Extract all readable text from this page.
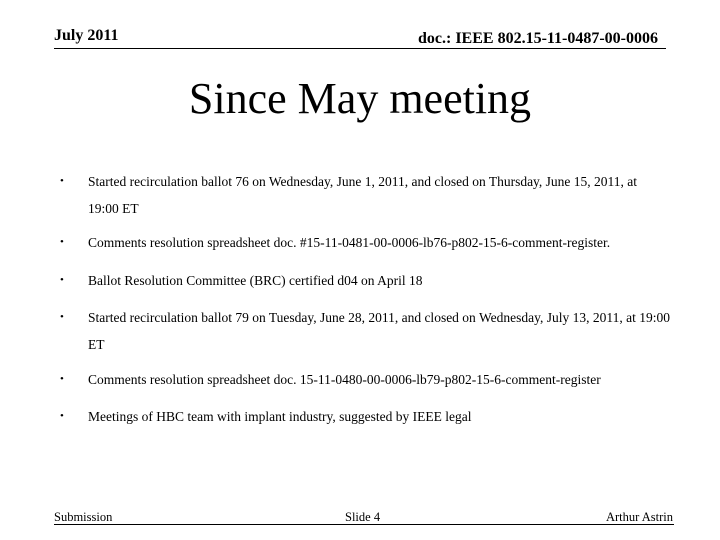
July 2011	doc.: IEEE 802.15-11-0487-00-0006
Since May meeting
• Started recirculation ballot 76 on Wednesday, June 1, 2011, and closed on Thursday, June 15, 2011, at 19:00 ET
• Comments resolution spreadsheet doc. #15-11-0481-00-0006-lb76-p802-15-6-comment-register.
• Ballot Resolution Committee (BRC) certified d04 on April 18
• Started recirculation ballot 79 on Tuesday, June 28, 2011, and closed on Wednesday, July 13, 2011, at 19:00 ET
• Comments resolution spreadsheet doc. 15-11-0480-00-0006-lb79-p802-15-6-comment-register
• Meetings of HBC team with implant industry, suggested by IEEE legal
Submission	Slide 4	Arthur Astrin
